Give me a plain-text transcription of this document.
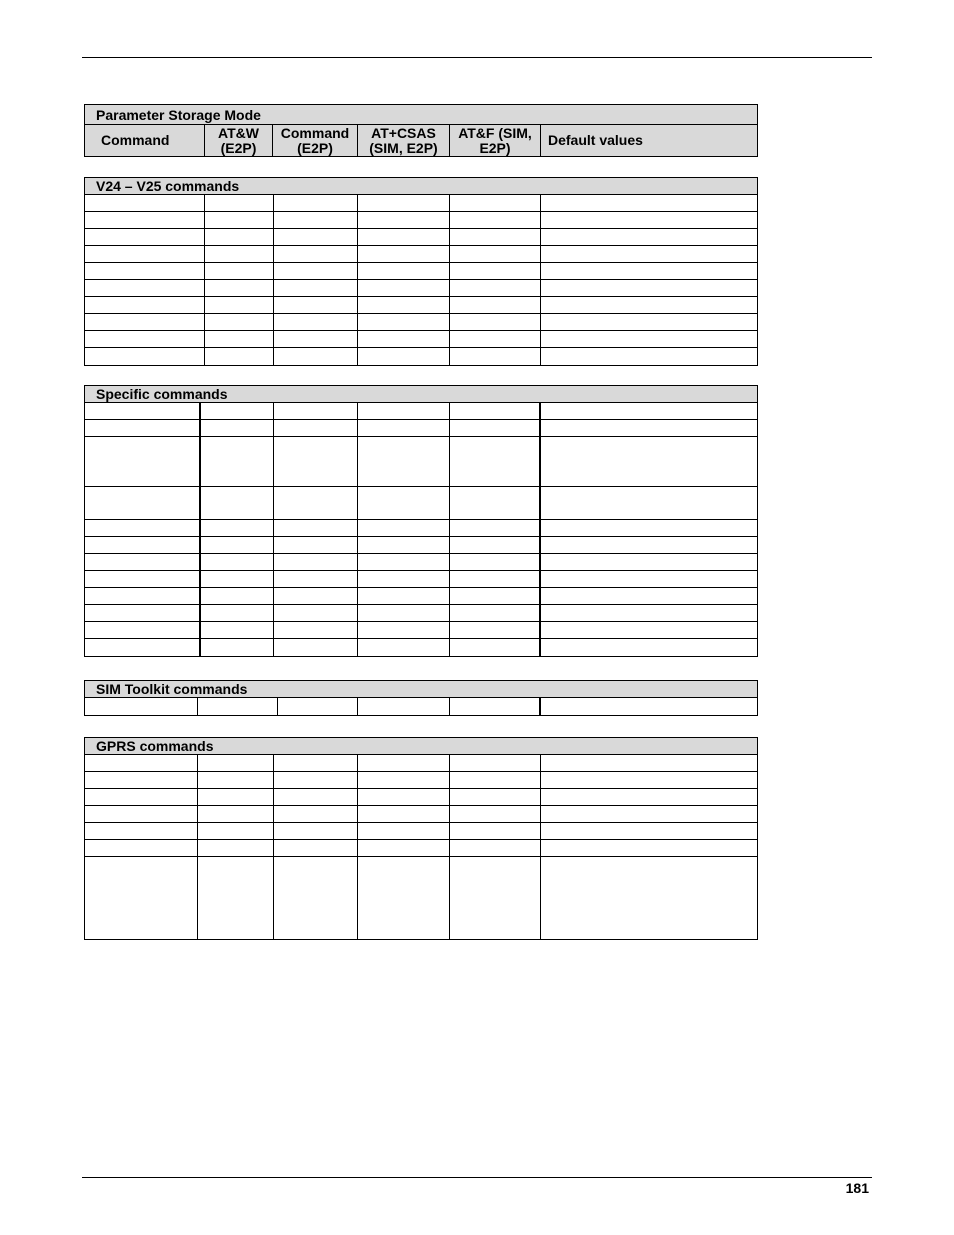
Parameter Storage Mode
Command	AT&W
(E2P)
Command
(E2P)
AT+CSAS
(SIM, E2P)
AT&F (SIM,
E2P)	Default values
V24 – V25 commands
Specific commands
SIM Toolkit commands
GPRS commands
181
